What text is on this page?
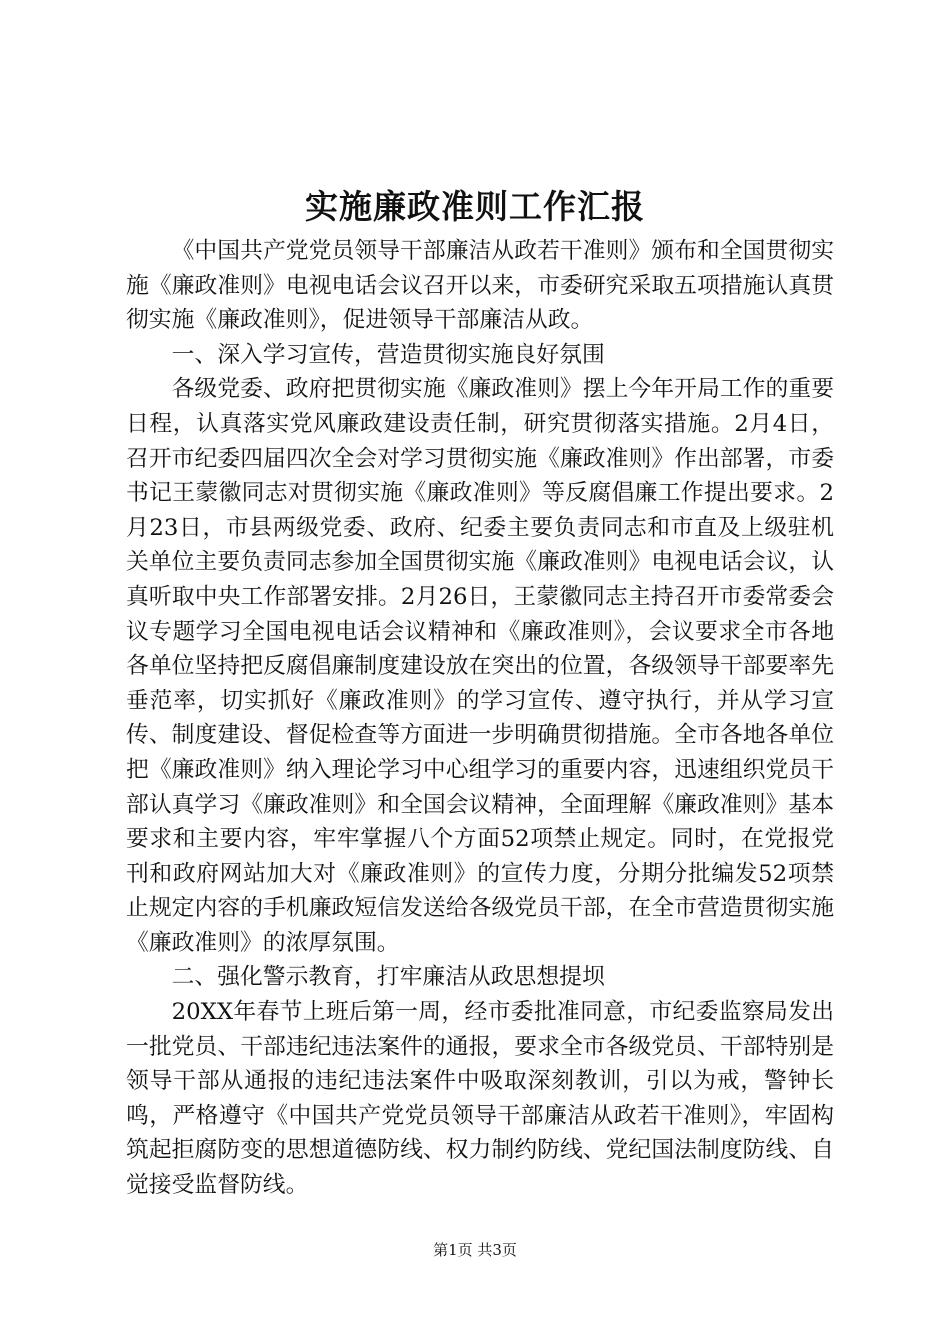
实施廉政准则工作汇报

《中国共产党党员领导干部廉洁从政若干准则》颁布和全国贯彻实施《廉政准则》电视电话会议召开以来，市委研究采取五项措施认真贯彻实施《廉政准则》，促进领导干部廉洁从政。

一、深入学习宣传，营造贯彻实施良好氛围

各级党委、政府把贯彻实施《廉政准则》摆上今年开局工作的重要日程，认真落实党风廉政建设责任制，研究贯彻落实措施。2月4日，召开市纪委四届四次全会对学习贯彻实施《廉政准则》作出部署，市委书记王蒙徽同志对贯彻实施《廉政准则》等反腐倡廉工作提出要求。2月23日，市县两级党委、政府、纪委主要负责同志和市直及上级驻机关单位主要负责同志参加全国贯彻实施《廉政准则》电视电话会议，认真听取中央工作部署安排。2月26日，王蒙徽同志主持召开市委常委会议专题学习全国电视电话会议精神和《廉政准则》，会议要求全市各地各单位坚持把反腐倡廉制度建设放在突出的位置，各级领导干部要率先垂范率，切实抓好《廉政准则》的学习宣传、遵守执行，并从学习宣传、制度建设、督促检查等方面进一步明确贯彻措施。全市各地各单位把《廉政准则》纳入理论学习中心组学习的重要内容，迅速组织党员干部认真学习《廉政准则》和全国会议精神，全面理解《廉政准则》基本要求和主要内容，牢牢掌握八个方面52项禁止规定。同时，在党报党刊和政府网站加大对《廉政准则》的宣传力度，分期分批编发52项禁止规定内容的手机廉政短信发送给各级党员干部，在全市营造贯彻实施《廉政准则》的浓厚氛围。

二、强化警示教育，打牢廉洁从政思想提坝

20XX年春节上班后第一周，经市委批准同意，市纪委监察局发出一批党员、干部违纪违法案件的通报，要求全市各级党员、干部特别是领导干部从通报的违纪违法案件中吸取深刻教训，引以为戒，警钟长鸣，严格遵守《中国共产党党员领导干部廉洁从政若干准则》，牢固构筑起拒腐防变的思想道德防线、权力制约防线、党纪国法制度防线、自觉接受监督防线。

第1页 共3页
